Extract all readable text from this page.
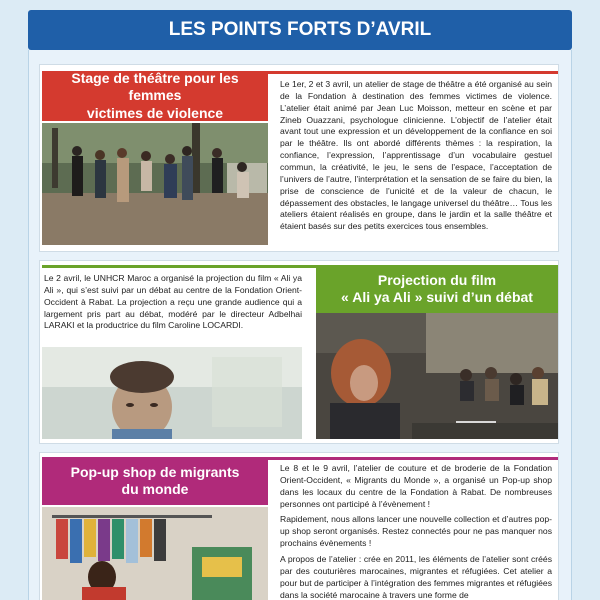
LES POINTS FORTS D’AVRIL
Stage de théâtre pour les femmes
victimes de violence

Le 1er, 2 et 3 avril, un atelier de stage de théâtre a été organisé au sein de la Fondation à destination des femmes victimes de violence. L’atelier était animé par Jean Luc Moisson, metteur en scène et par Zineb Ouazzani, psychologue clinicienne. L’objectif de l’atelier était avant tout une expression et un développement de la confiance en soi par le théâtre. Ils ont abordé différents thèmes : la respiration, la confiance, l’expression, l’apprentissage d’un vocabulaire gestuel commun, la créativité, le jeu, le sens de l’espace, l’acceptation de l’univers de l’autre, l’interprétation et la sensation de se faire du bien, la prise de conscience de l’unicité et de la valeur de chacun, le dépassement des obstacles, le langage universel du théâtre… Tous les ateliers étaient réalisés en groupe, dans le jardin et la salle théâtre et étaient basés sur des petits exercices tous ensembles.

Le 2 avril, le UNHCR Maroc a organisé la projection du film « Ali ya Ali », qui s’est suivi par un débat au centre de la Fondation Orient-Occident à Rabat. La projection a reçu une grande audience qui a largement pris part au débat, modéré par le directeur Adbelhai LARAKI et la productrice du film Caroline LOCARDI.

Projection du film
« Ali ya Ali » suivi d’un débat
Pop-up shop de migrants
du monde

Le 8 et le 9 avril, l’atelier de couture et de broderie de la Fondation Orient-Occident, « Migrants du Monde », a organisé un Pop-up shop dans les locaux du centre de la Fondation à Rabat. De nombreuses personnes ont participé à l’évènement !

Rapidement, nous allons lancer une nouvelle collection et d’autres pop-up shop seront organisés. Restez connectés pour ne pas manquer nos prochains évènements !

A propos de l’atelier : crée en 2011, les éléments de l’atelier sont créés par des couturières marocaines, migrantes et réfugiées. Cet atelier a pour but de participer à l’intégration des femmes migrantes et réfugiées dans la société marocaine à travers une forme de
